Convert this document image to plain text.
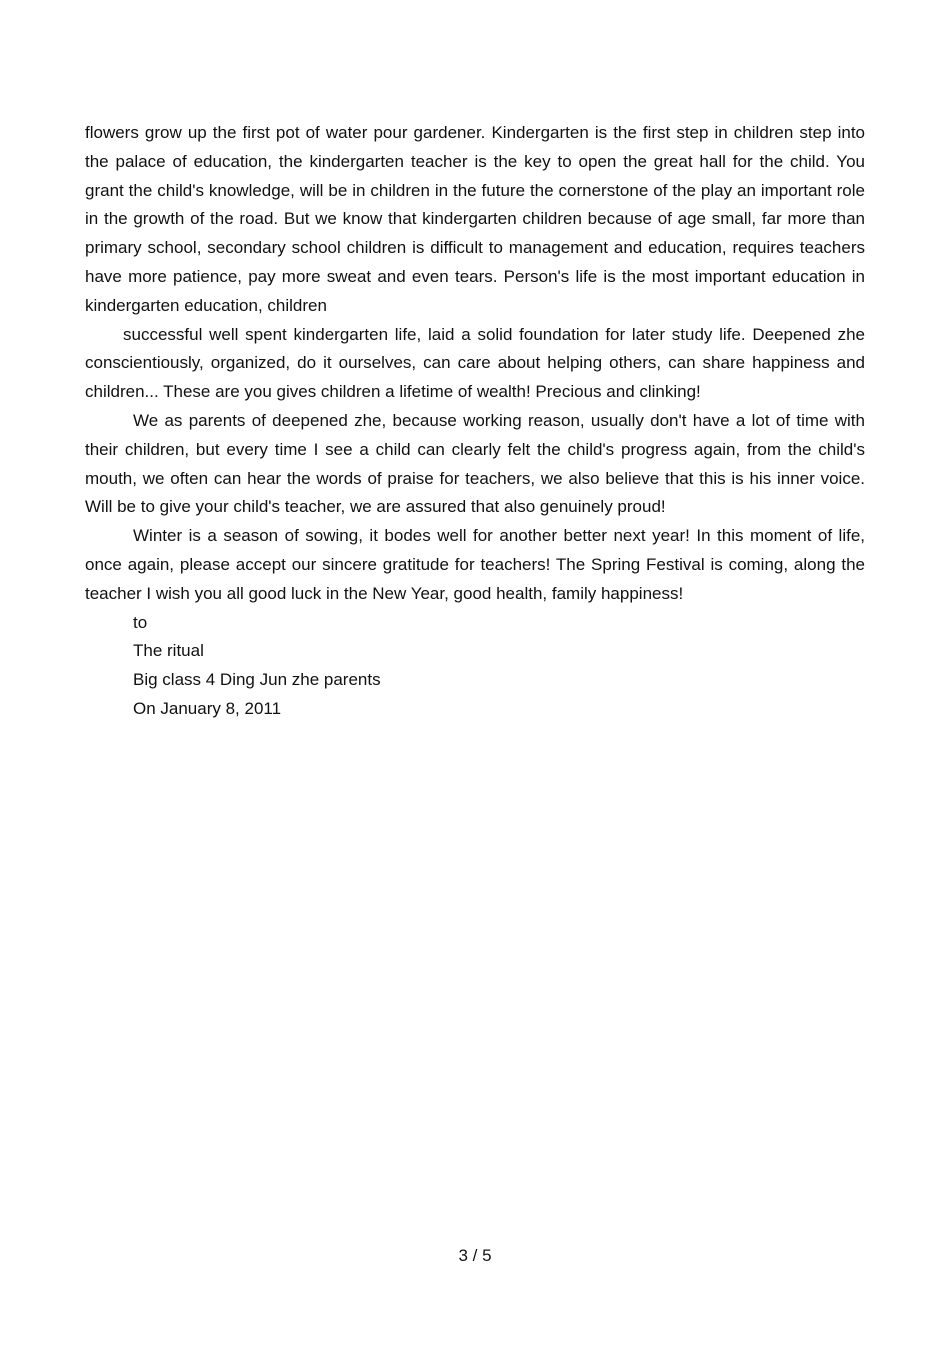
flowers grow up the first pot of water pour gardener. Kindergarten is the first step in children step into the palace of education, the kindergarten teacher is the key to open the great hall for the child. You grant the child's knowledge, will be in children in the future the cornerstone of the play an important role in the growth of the road. But we know that kindergarten children because of age small, far more than primary school, secondary school children is difficult to management and education, requires teachers have more patience, pay more sweat and even tears. Person's life is the most important education in kindergarten education, children

successful well spent kindergarten life, laid a solid foundation for later study life. Deepened zhe conscientiously, organized, do it ourselves, can care about helping others, can share happiness and children... These are you gives children a lifetime of wealth! Precious and clinking!

We as parents of deepened zhe, because working reason, usually don't have a lot of time with their children, but every time I see a child can clearly felt the child's progress again, from the child's mouth, we often can hear the words of praise for teachers, we also believe that this is his inner voice. Will be to give your child's teacher, we are assured that also genuinely proud!

Winter is a season of sowing, it bodes well for another better next year! In this moment of life, once again, please accept our sincere gratitude for teachers! The Spring Festival is coming, along the teacher I wish you all good luck in the New Year, good health, family happiness!

to

The ritual

Big class 4 Ding Jun zhe parents

On January 8, 2011

3 / 5
